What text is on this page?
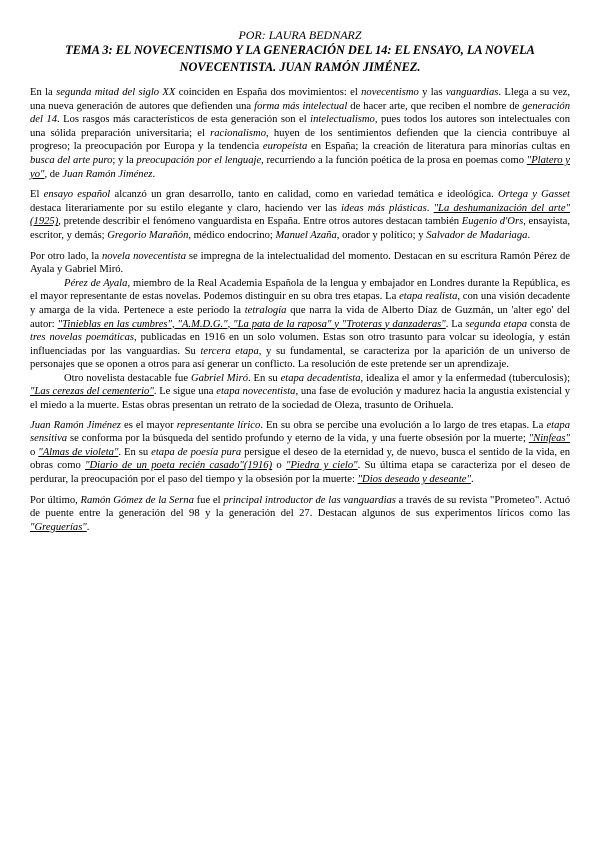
POR: LAURA BEDNARZ
TEMA 3: EL NOVECENTISMO Y LA GENERACIÓN DEL 14: EL ENSAYO, LA NOVELA NOVECENTISTA. JUAN RAMÓN JIMÉNEZ.

En la segunda mitad del siglo XX coinciden en España dos movimientos: el novecentismo y las vanguardias. Llega a su vez, una nueva generación de autores que defienden una forma más intelectual de hacer arte, que reciben el nombre de generación del 14. Los rasgos más característicos de esta generación son el intelectualismo, pues todos los autores son intelectuales con una sólida preparación universitaria; el racionalismo, huyen de los sentimientos defienden que la ciencia contribuye al progreso; la preocupación por Europa y la tendencia europeísta en España; la creación de literatura para minorías cultas en busca del arte puro; y la preocupación por el lenguaje, recurriendo a la función poética de la prosa en poemas como "Platero y yo", de Juan Ramón Jiménez.

El ensayo español alcanzó un gran desarrollo, tanto en calidad, como en variedad temática e ideológica. Ortega y Gasset destaca literariamente por su estilo elegante y claro, haciendo ver las ideas más plásticas. "La deshumanización del arte" (1925), pretende describir el fenómeno vanguardista en España. Entre otros autores destacan también Eugenio d'Ors, ensayista, escritor, y demás; Gregorio Marañón, médico endocrino; Manuel Azaña, orador y político; y Salvador de Madariaga.

Por otro lado, la novela novecentista se impregna de la intelectualidad del momento. Destacan en su escritura Ramón Pérez de Ayala y Gabriel Miró.

Pérez de Ayala, miembro de la Real Academia Española de la lengua y embajador en Londres durante la República, es el mayor representante de estas novelas. Podemos distinguir en su obra tres etapas. La etapa realista, con una visión decadente y amarga de la vida. Pertenece a este periodo la tetralogía que narra la vida de Alberto Díaz de Guzmán, un 'alter ego' del autor: "Tinieblas en las cumbres", "A.M.D.G.", "La pata de la raposa" y "Troteras y danzaderas". La segunda etapa consta de tres novelas poemáticas, publicadas en 1916 en un solo volumen. Estas son otro trasunto para volcar su ideología, y están influenciadas por las vanguardias. Su tercera etapa, y su fundamental, se caracteriza por la aparición de un universo de personajes que se oponen a otros para así generar un conflicto. La resolución de este pretende ser un aprendizaje.

Otro novelista destacable fue Gabriel Miró. En su etapa decadentista, idealiza el amor y la enfermedad (tuberculosis); "Las cerezas del cementerio". Le sigue una etapa novecentista, una fase de evolución y madurez hacia la angustia existencial y el miedo a la muerte. Estas obras presentan un retrato de la sociedad de Oleza, trasunto de Orihuela.

Juan Ramón Jiménez es el mayor representante lírico. En su obra se percibe una evolución a lo largo de tres etapas. La etapa sensitiva se conforma por la búsqueda del sentido profundo y eterno de la vida, y una fuerte obsesión por la muerte; "Ninfeas" o "Almas de violeta". En su etapa de poesía pura persigue el deseo de la eternidad y, de nuevo, busca el sentido de la vida, en obras como "Diario de un poeta recién casado"(1916) o "Piedra y cielo". Su última etapa se caracteriza por el deseo de perdurar, la preocupación por el paso del tiempo y la obsesión por la muerte: "Dios deseado y deseante".

Por último, Ramón Gómez de la Serna fue el principal introductor de las vanguardias a través de su revista "Prometeo". Actuó de puente entre la generación del 98 y la generación del 27. Destacan algunos de sus experimentos líricos como las "Greguerías".
